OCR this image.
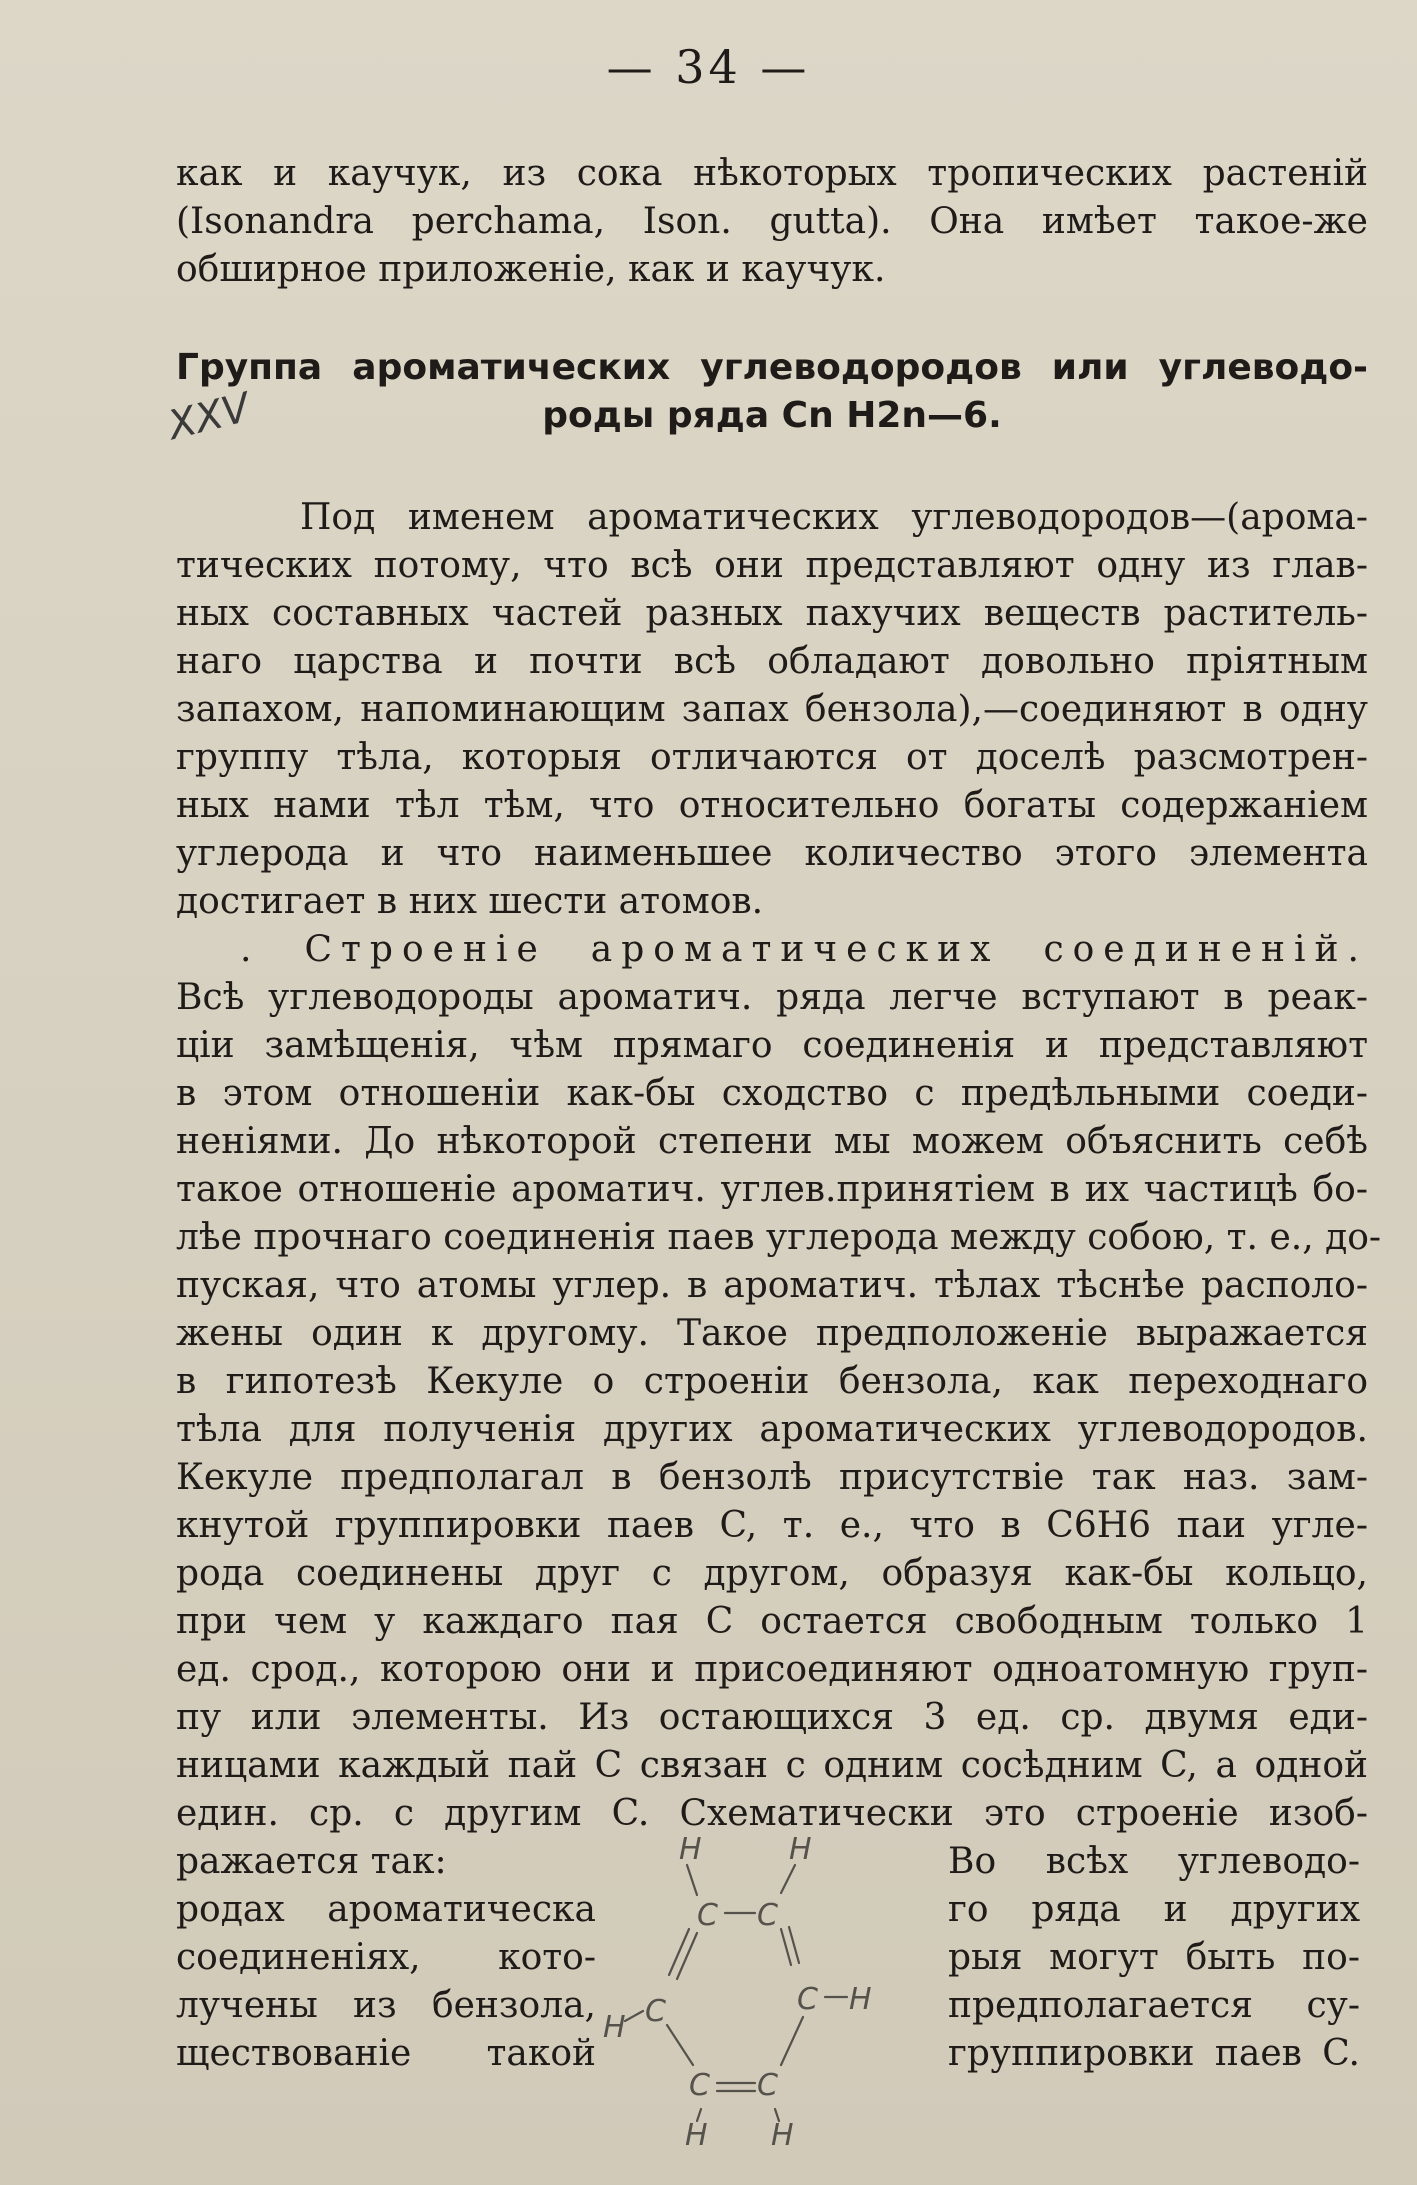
— 34 —
как и каучук, из сока нѣкоторых тропических растеній
(Isonandra perchama, Ison. gutta). Она имѣет такое-же
обширное приложеніе, как и каучук.
Группа ароматических углеводородов или углеводо-
роды ряда Cn H2n—6.
XXV
Под именем ароматических углеводородов—(арома-
тических потому, что всѣ они представляют одну из глав-
ных составных частей разных пахучих веществ раститель-
наго царства и почти всѣ обладают довольно пріятным
запахом, напоминающим запах бензола),—соединяют в одну
группу тѣла, которыя отличаются от доселѣ разсмотрен-
ных нами тѣл тѣм, что относительно богаты содержаніем
углерода и что наименьшее количество этого элемента
достигает в них шести атомов.
. Строеніе ароматических соединеній.
Всѣ углеводороды ароматич. ряда легче вступают в реак-
ціи замѣщенія, чѣм прямаго соединенія и представляют
в этом отношеніи как-бы сходство с предѣльными соеди-
неніями. До нѣкоторой степени мы можем объяснить себѣ
такое отношеніе ароматич. углев.принятіем в их частицѣ бо-
лѣе прочнаго соединенія паев углерода между собою, т. е., до-
пуская, что атомы углер. в ароматич. тѣлах тѣснѣе располо-
жены один к другому. Такое предположеніе выражается
в гипотезѣ Кекуле о строеніи бензола, как переходнаго
тѣла для полученія других ароматических углеводородов.
Кекуле предполагал в бензолѣ присутствіе так наз. зам-
кнутой группировки паев C, т. е., что в C6H6 паи углe-
рода соединены друг с другом, образуя как-бы кольцо,
при чем у каждаго пая C остается свободным только 1
ед. срод., которою они и присоединяют одноатомную груп-
пу или элементы. Из остающихся 3 ед. ср. двумя еди-
ницами каждый пай C связан с одним сосѣдним C, а одной
един. ср. с другим C. Схематически это строеніе изоб-
ражается так:
родах ароматическа
соединеніях, кото-
лучены из бензола,
ществованіе такой
Во всѣх углеводо-
го ряда и других
рыя могут быть по-
предполагается су-
группировки паев C.
H	H
C C
C	C H
H
C C
H H
